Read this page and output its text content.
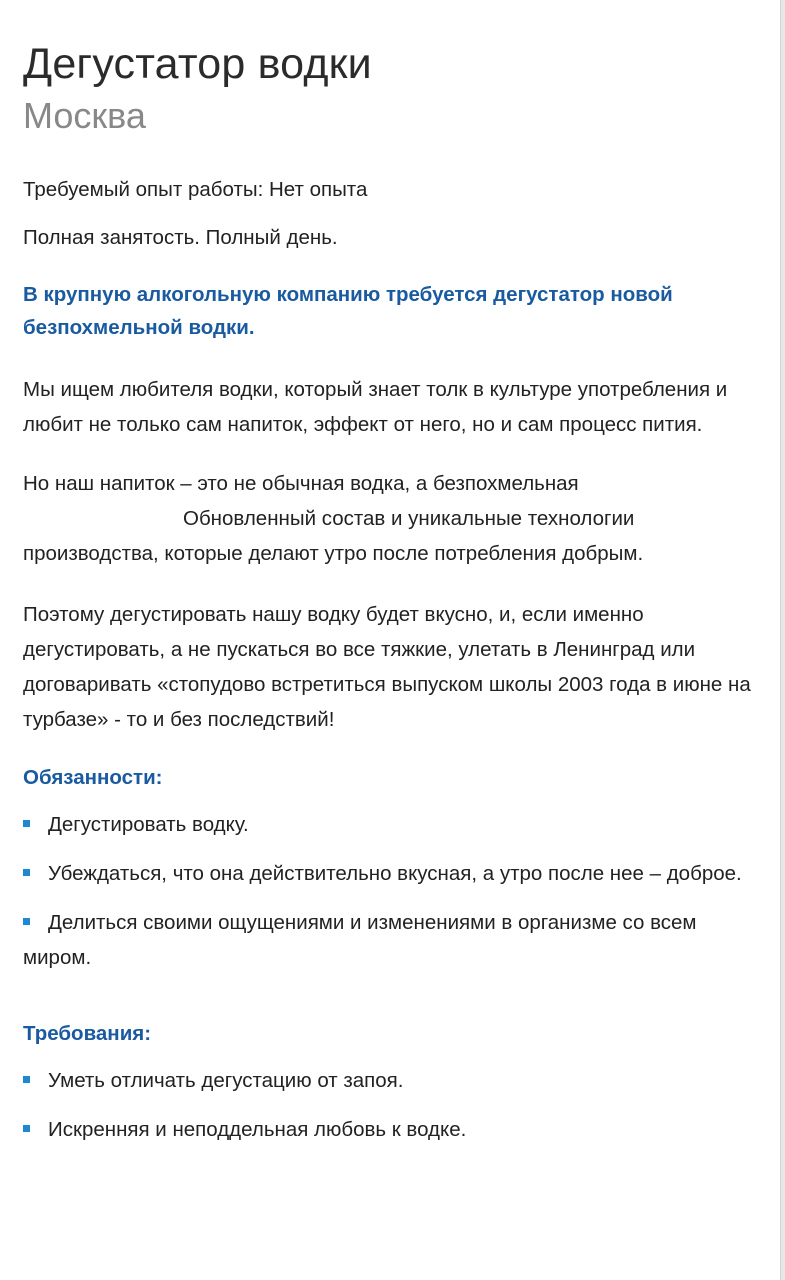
Дегустатор водки
Москва

Требуемый опыт работы: Нет опыта

Полная занятость. Полный день.

В крупную алкогольную компанию требуется дегустатор новой безпохмельной водки.

Мы ищем любителя водки, который знает толк в культуре употребления и любит не только сам напиток, эффект от него, но и сам процесс пития.

Но наш напиток – это не обычная водка, а безпохмельная
Обновленный состав и уникальные технологии производства, которые делают утро после потребления добрым.

Поэтому дегустировать нашу водку будет вкусно, и, если именно дегустировать, а не пускаться во все тяжкие, улетать в Ленинград или договаривать «стопудово встретиться выпуском школы 2003 года в июне на турбазе» - то и без последствий!

Обязанности:
Дегустировать водку.
Убеждаться, что она действительно вкусная, а утро после нее – доброе.
Делиться своими ощущениями и изменениями в организме со всем миром.
Требования:
Уметь отличать дегустацию от запоя.
Искренняя и неподдельная любовь к водке.
